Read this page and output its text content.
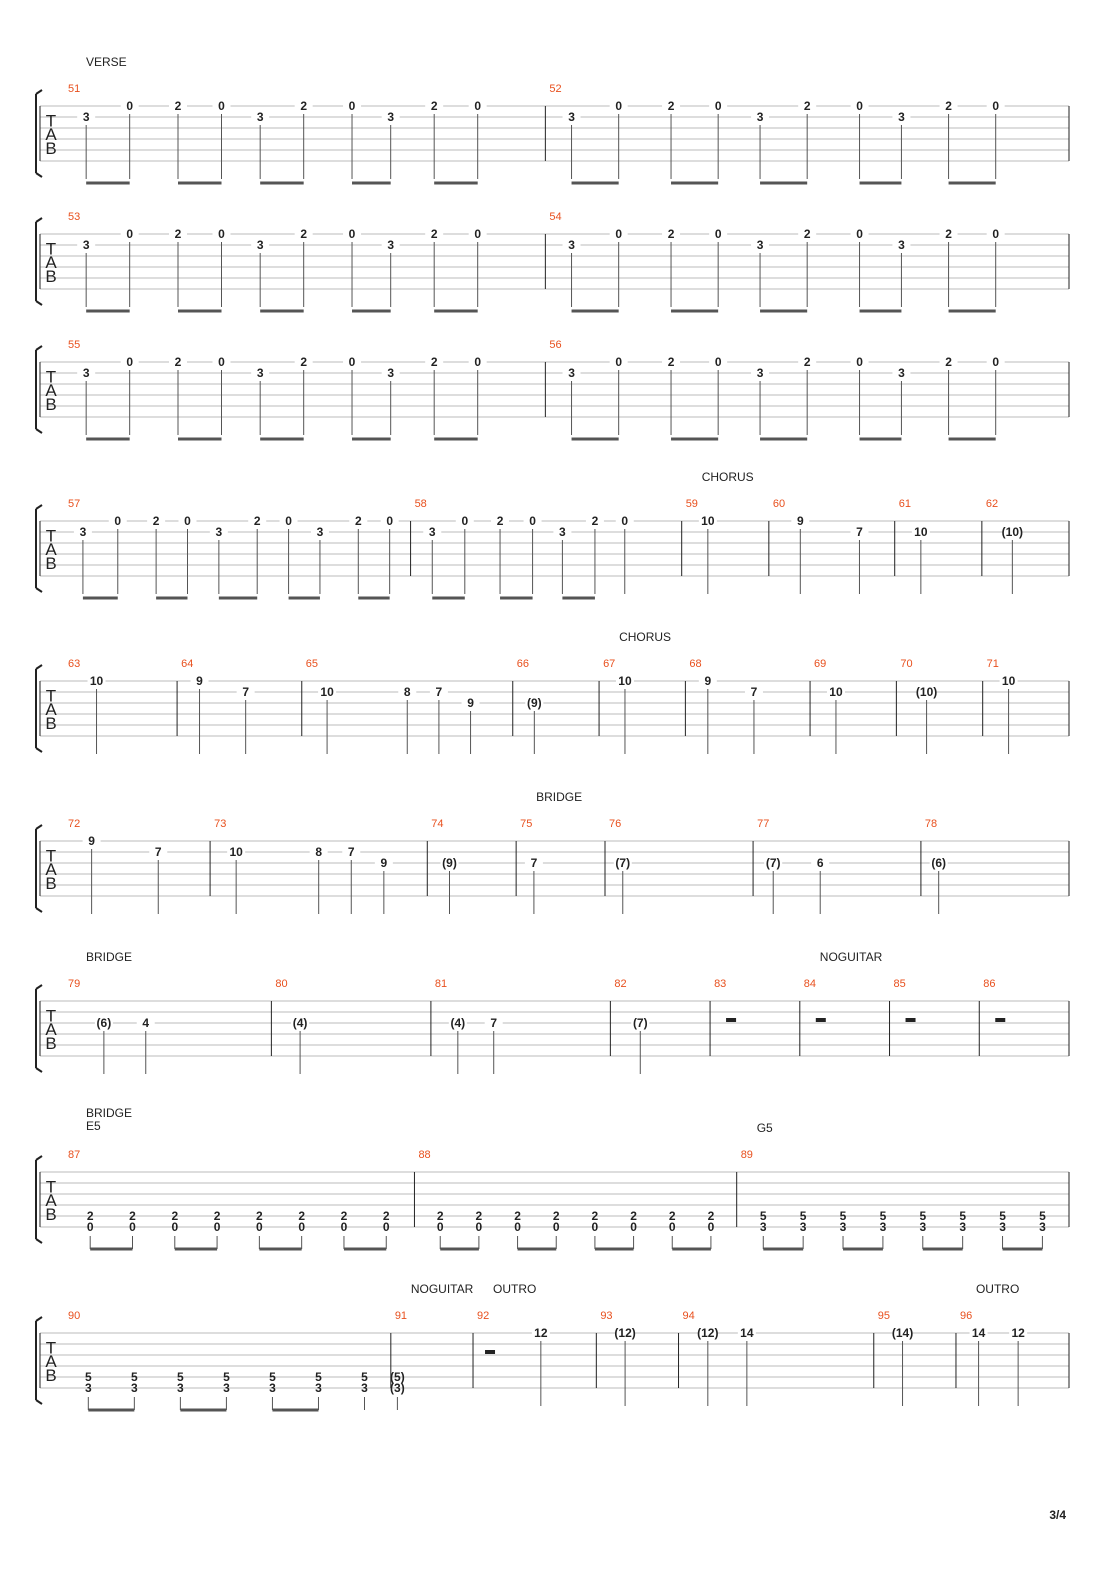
T
A
B
51
3
0	2	0
3
2	0
3
2	0
52
3
0	2	0
3
2	0
3
2	0
VERSE
T
A
B
53
3
0	2	0
3
2	0
3
2	0
54
3
0	2	0
3
2	0
3
2	0
T
A
B
55
3
0	2	0
3
2	0
3
2	0
56
3
0	2	0
3
2	0
3
2	0
T
A
B
57
3
0	2 0
3
2 0
3
2 0
58
3
0 2 0
3
2 0
59
10
60
9
7
61
10
62
(10)
CHORUS
T
A
B
63
10
64
9
7
65
10	8 7
9
66
(9)
67
10
68
9
7
69
10
70
(10)
71
10
CHORUS
T
A
B
72
9
7
73
10	8 7
9
74
(9)
75
7
76
(7)
77
(7)	6
78
(6)
BRIDGE
T
A
B
79
(6)	4
80
(4)
81
(4) 7
82
(7)
83	84	85	86
BRIDGE	NOGUITAR
T
A
B
87
2
0
2
0
2
0
2
0
2
0
2
0
2
0
2
0
88
2
0
2
0
2
0
2
0
2
0
2
0
2
0
2
0
89
5
3
5
3
5
3
5
3
5
3
5
3
5
3
5
3
BRIDGE
E5	G5
T
A
B
90
5
3
5
3
5
3
5
3
5
3
5
3
5
3
91
(5)
(3)
92
12
93
(12)
94
(12) 14
95
(14)
96
14 12
NOGUITAR OUTRO	OUTRO
3/4
